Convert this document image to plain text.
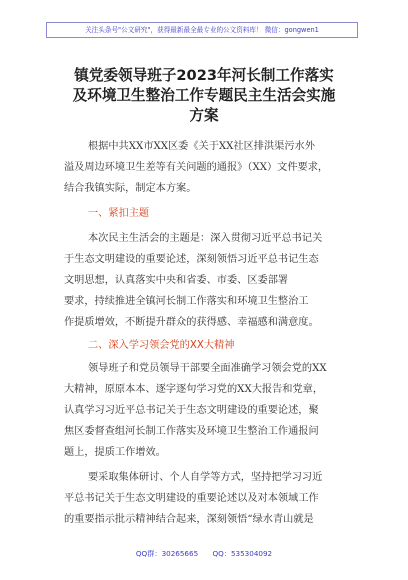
关注头条号"公文研究"，获得最新最全最专业的公文资料库！ 微信：gongwen1
镇党委领导班子2023年河长制工作落实
及环境卫生整治工作专题民主生活会实施
方案
根据中共XX市XX区委《关于XX社区排洪渠污水外
溢及周边环境卫生差等有关问题的通报》（XX）文件要求，
结合我镇实际，制定本方案。
一、紧扣主题
本次民主生活会的主题是：深入贯彻习近平总书记关
于生态文明建设的重要论述，深刻领悟习近平总书记生态
文明思想，认真落实中央和省委、市委、区委部署
要求，持续推进全镇河长制工作落实和环境卫生整治工
作提质增效，不断提升群众的获得感、幸福感和满意度。
二、深入学习领会党的XX大精神
领导班子和党员领导干部要全面准确学习领会党的XX
大精神，原原本本、逐字逐句学习党的XX大报告和党章，
认真学习习近平总书记关于生态文明建设的重要论述，聚
焦区委督查组河长制工作落实及环境卫生整治工作通报问
题上，提质工作增效。
要采取集体研讨、个人自学等方式，坚持把学习习近
平总书记关于生态文明建设的重要论述以及对本领域工作
的重要指示批示精神结合起来，深刻领悟“绿水青山就是
QQ群：30265665 QQ：535304092
